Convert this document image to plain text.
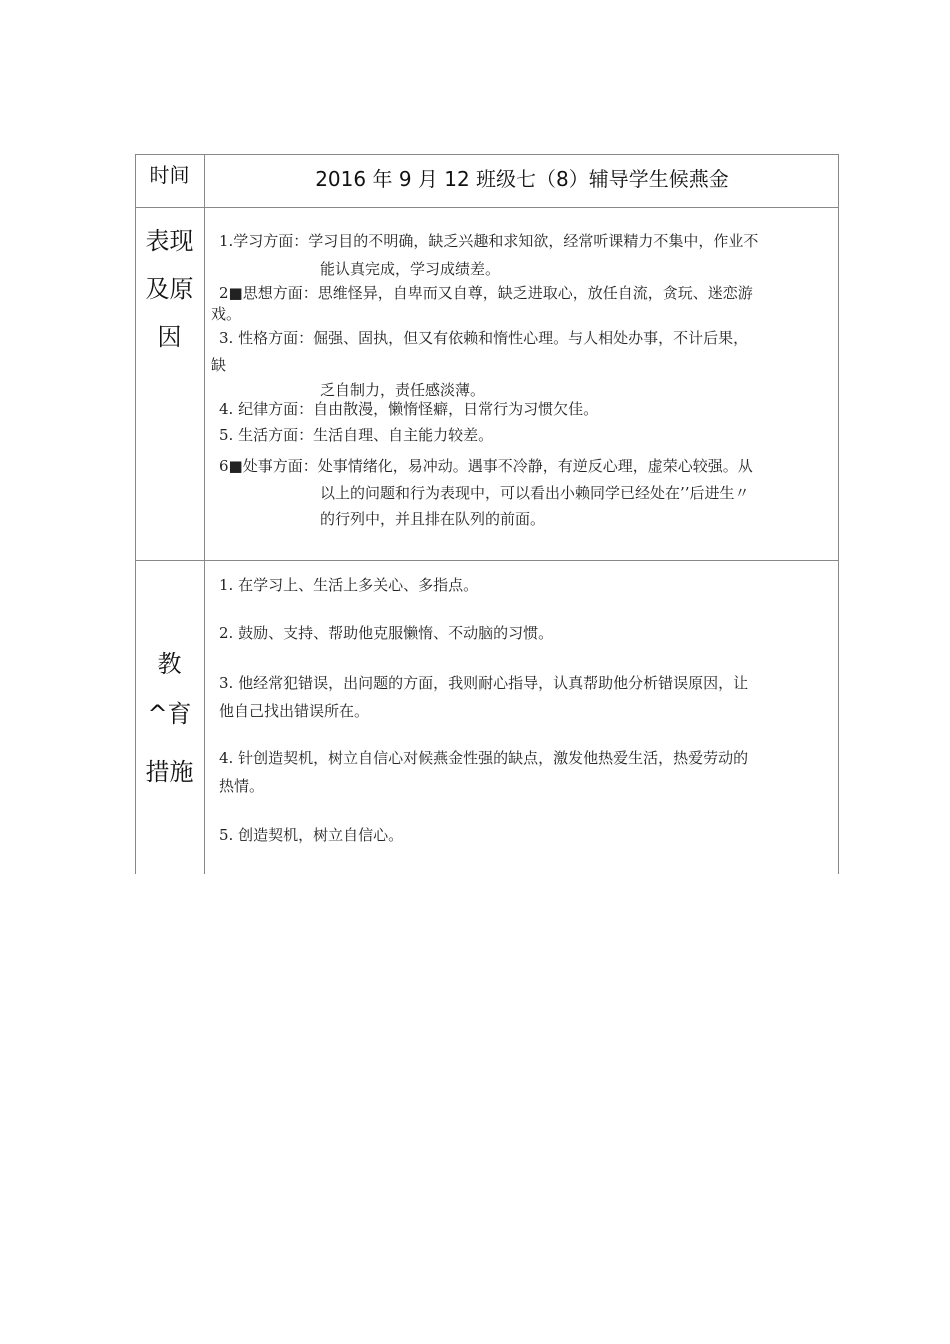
时间	2016 年 9 月 12 班级七（8）辅导学生候燕金
表现
及原
因
1.学习方面：学习目的不明确，缺乏兴趣和求知欲，经常听课精力不集中，作业不
能认真完成，学习成绩差。
2■思想方面：思维怪异，自卑而又自尊，缺乏进取心，放任自流，贪玩、迷恋游
戏。
3. 性格方面：倔强、固执，但又有依赖和惰性心理。与人相处办事，不计后果，
缺
乏自制力，责任感淡薄。
4. 纪律方面：自由散漫，懒惰怪癖，日常行为习惯欠佳。
5. 生活方面：生活自理、自主能力较差。
6■处事方面：处事情绪化，易冲动。遇事不冷静，有逆反心理，虚荣心较强。从
以上的问题和行为表现中，可以看出小赖同学已经处在’’后进生〃
的行列中，并且排在队列的前面。
教
^育
措施
1. 在学习上、生活上多关心、多指点。
2. 鼓励、支持、帮助他克服懒惰、不动脑的习惯。
3. 他经常犯错误，出问题的方面，我则耐心指导，认真帮助他分析错误原因，让
他自己找出错误所在。
4. 针创造契机，树立自信心对候燕金性强的缺点，激发他热爱生活，热爱劳动的
热情。
5. 创造契机，树立自信心。
